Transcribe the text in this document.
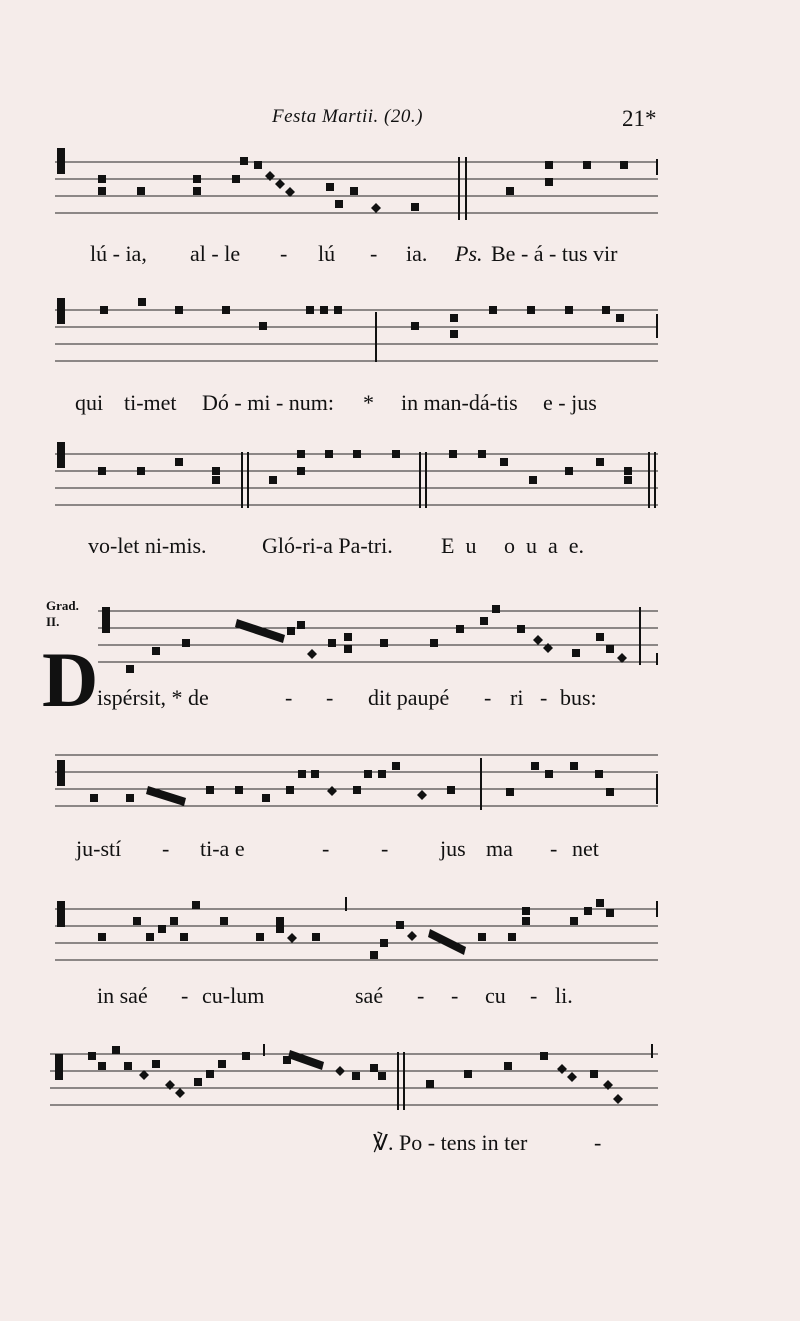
Festa Martii. (20.)	21*

lú - ia,

al - le

-

lú

-

ia.

Ps.

Be - á - tus vir

qui

ti-met

Dó - mi - num:

*

in man-dá-tis

e - jus

vo-let ni-mis.

	Gló-ri-a Pa-tri.

E  u     o  u  a  e.

Grad.
II.
D

ispérsit, * de

	-

-

dit paupé

-

ri

-

bus:

ju-stí

-

ti-a e

	-

-

jus

ma

-

net

in saé

-

cu-lum

	saé

-

-

cu

-

li.

℣. Po - tens in ter

	-
